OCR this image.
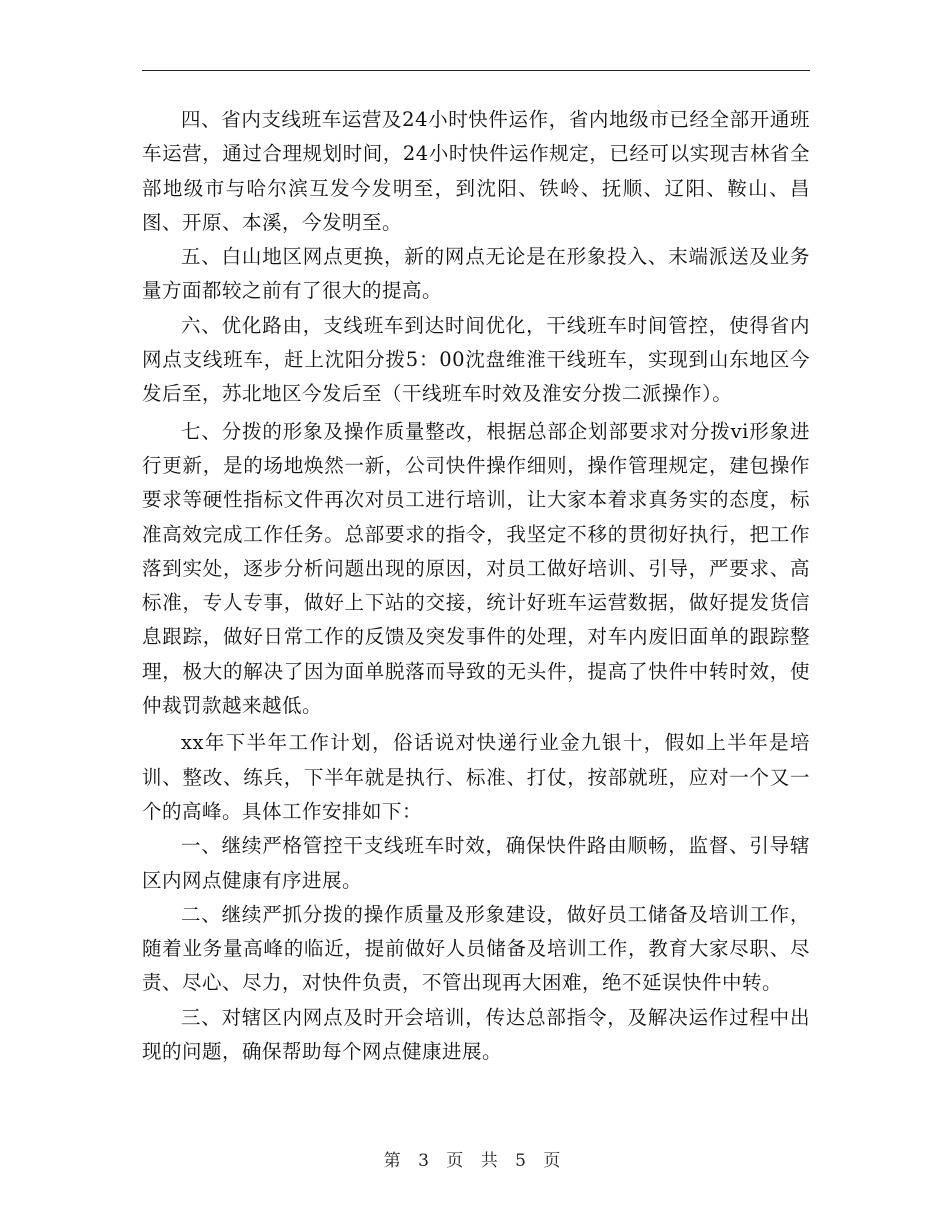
四、省内支线班车运营及24小时快件运作，省内地级市已经全部开通班车运营，通过合理规划时间，24小时快件运作规定，已经可以实现吉林省全部地级市与哈尔滨互发今发明至，到沈阳、铁岭、抚顺、辽阳、鞍山、昌图、开原、本溪，今发明至。

五、白山地区网点更换，新的网点无论是在形象投入、末端派送及业务量方面都较之前有了很大的提高。

六、优化路由，支线班车到达时间优化，干线班车时间管控，使得省内网点支线班车，赶上沈阳分拨5：00沈盘维淮干线班车，实现到山东地区今发后至，苏北地区今发后至（干线班车时效及淮安分拨二派操作）。

七、分拨的形象及操作质量整改，根据总部企划部要求对分拨vi形象进行更新，是的场地焕然一新，公司快件操作细则，操作管理规定，建包操作要求等硬性指标文件再次对员工进行培训，让大家本着求真务实的态度，标准高效完成工作任务。总部要求的指令，我坚定不移的贯彻好执行，把工作落到实处，逐步分析问题出现的原因，对员工做好培训、引导，严要求、高标准，专人专事，做好上下站的交接，统计好班车运营数据，做好提发货信息跟踪，做好日常工作的反馈及突发事件的处理，对车内废旧面单的跟踪整理，极大的解决了因为面单脱落而导致的无头件，提高了快件中转时效，使仲裁罚款越来越低。

xx年下半年工作计划，俗话说对快递行业金九银十，假如上半年是培训、整改、练兵，下半年就是执行、标准、打仗，按部就班，应对一个又一个的高峰。具体工作安排如下：

一、继续严格管控干支线班车时效，确保快件路由顺畅，监督、引导辖区内网点健康有序进展。

二、继续严抓分拨的操作质量及形象建设，做好员工储备及培训工作，随着业务量高峰的临近，提前做好人员储备及培训工作，教育大家尽职、尽责、尽心、尽力，对快件负责，不管出现再大困难，绝不延误快件中转。

三、对辖区内网点及时开会培训，传达总部指令，及解决运作过程中出现的问题，确保帮助每个网点健康进展。

第 3 页 共 5 页
